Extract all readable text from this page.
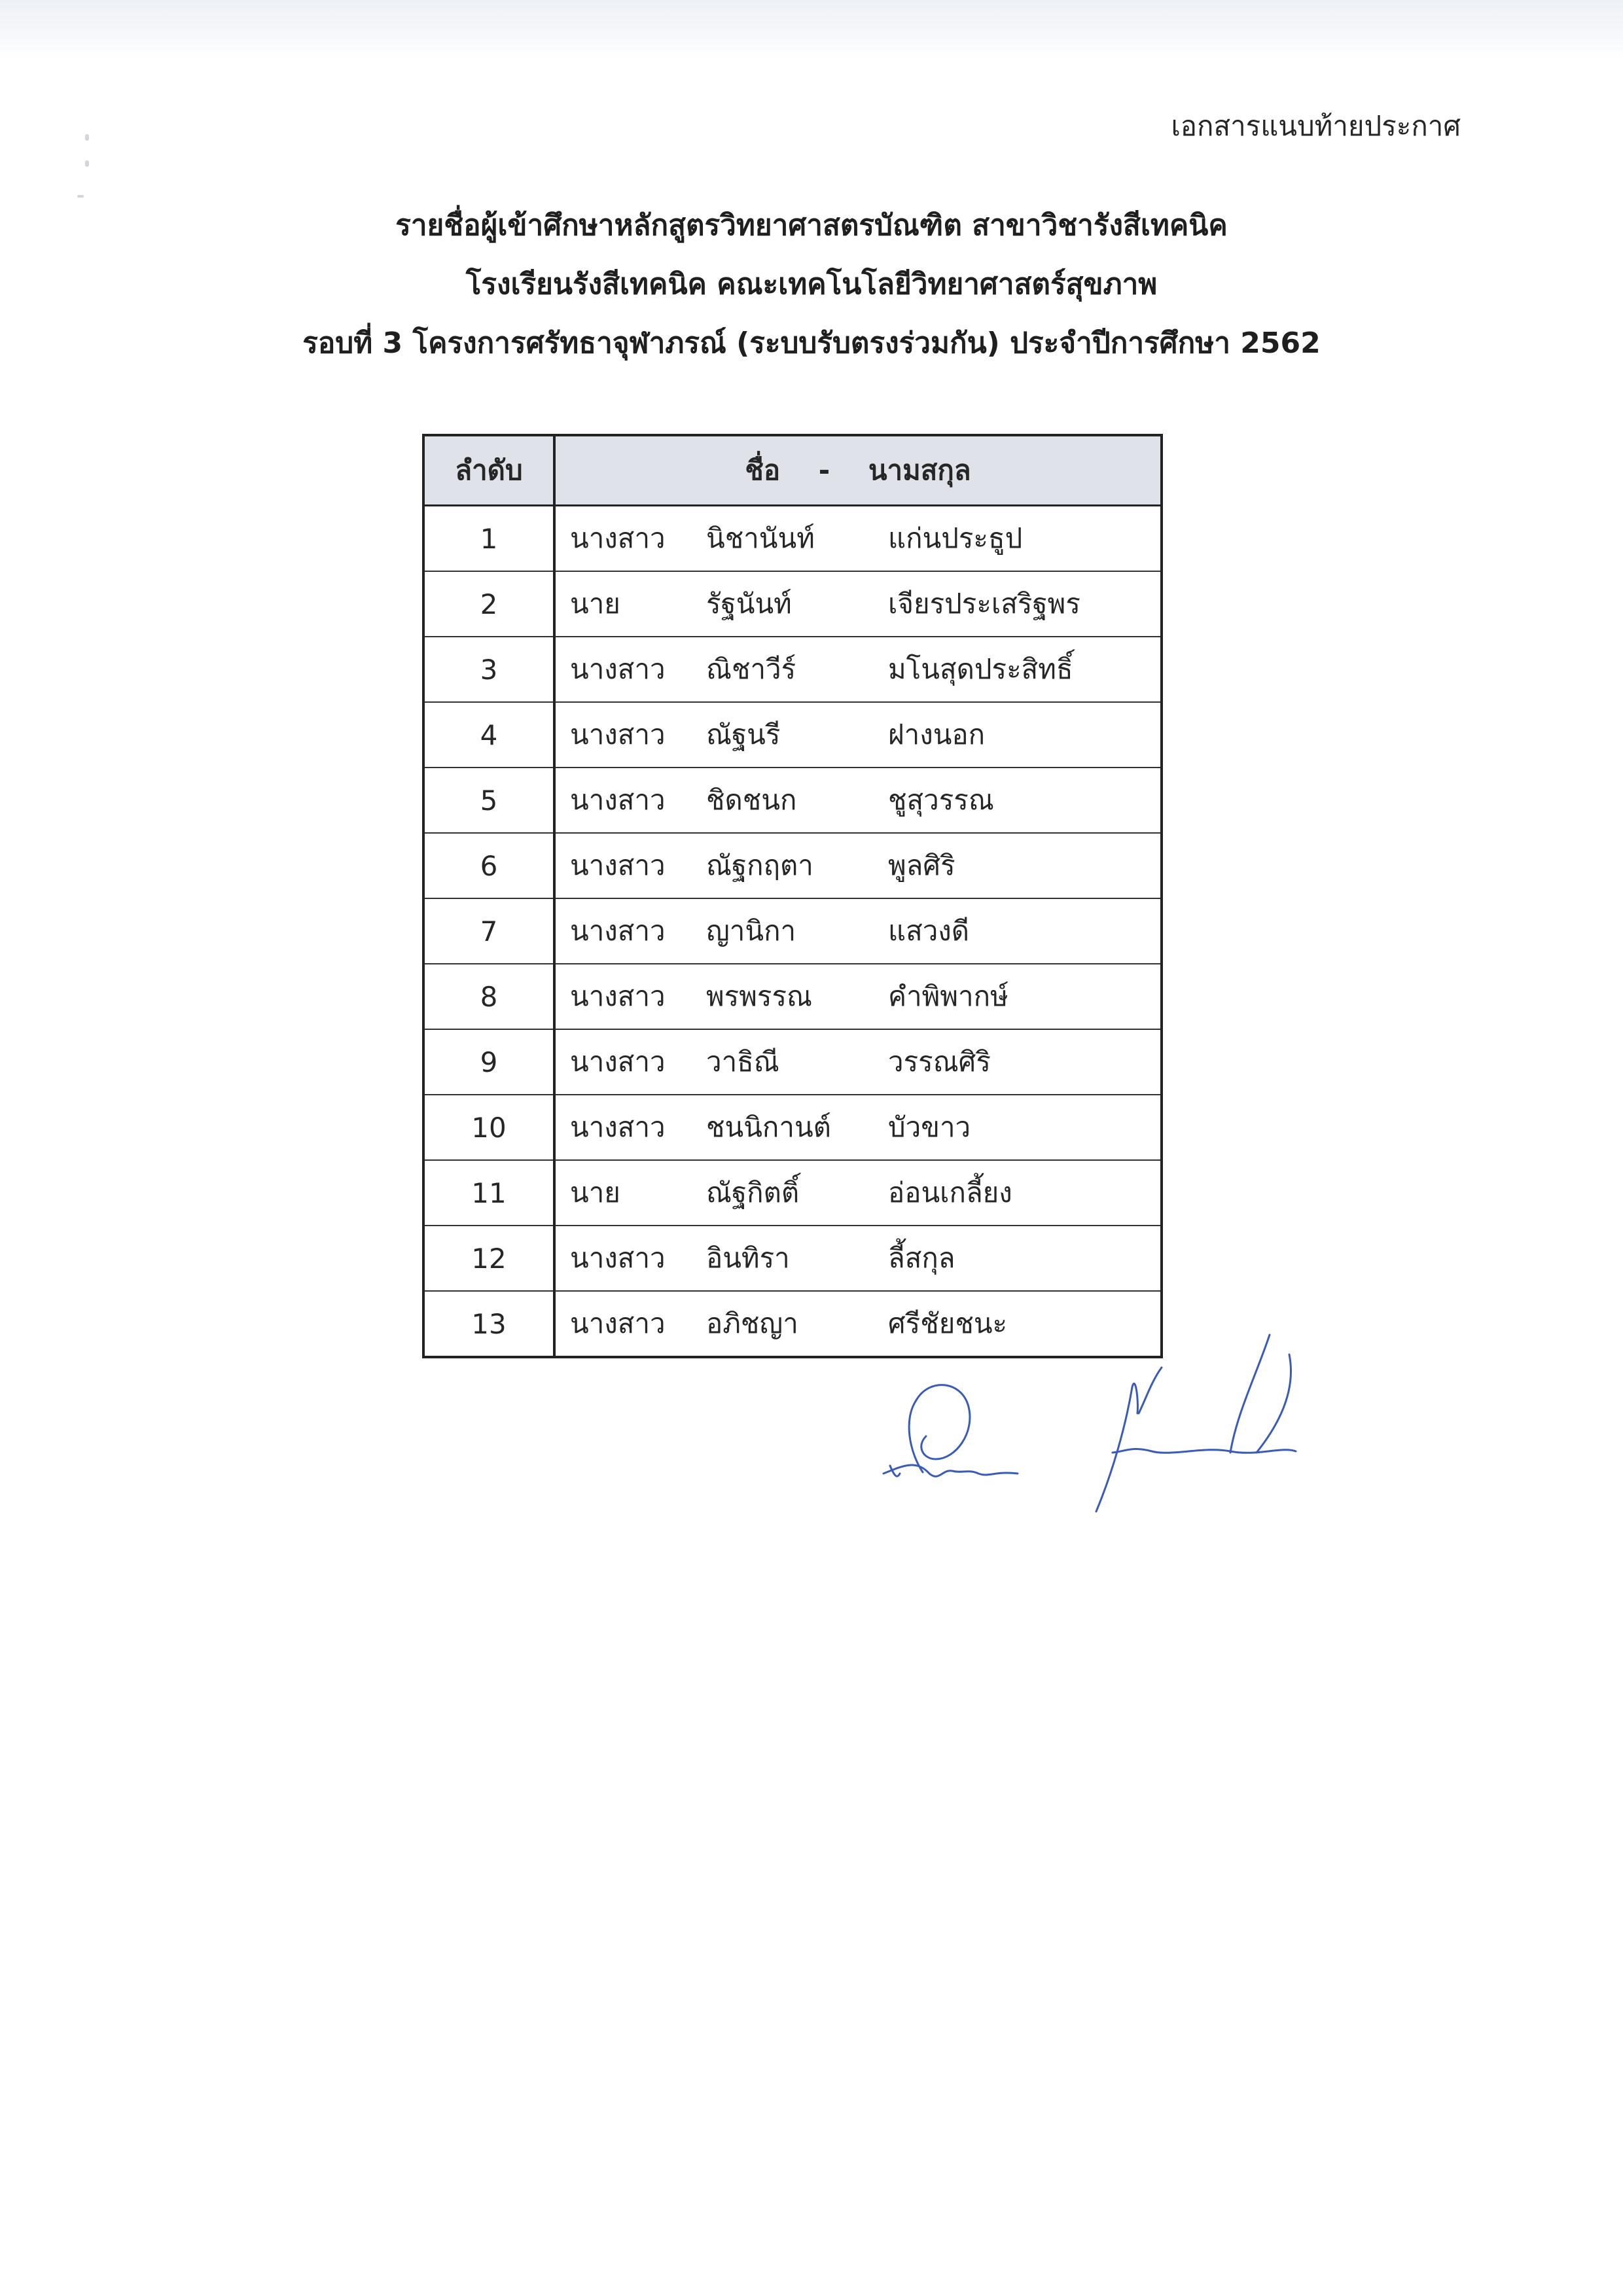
เอกสารแนบท้ายประกาศ
รายชื่อผู้เข้าศึกษาหลักสูตรวิทยาศาสตรบัณฑิต สาขาวิชารังสีเทคนิค
โรงเรียนรังสีเทคนิค คณะเทคโนโลยีวิทยาศาสตร์สุขภาพ
รอบที่ 3 โครงการศรัทธาจุฬาภรณ์ (ระบบรับตรงร่วมกัน) ประจำปีการศึกษา 2562
ลำดับ	ชื่อ - นามสกุล
1	นางสาว นิชานันท์ แก่นประธูป

2	นาย รัฐนันท์ เจียรประเสริฐพร

3	นางสาว ณิชาวีร์ มโนสุดประสิทธิ์

4	นางสาว ณัฐนรี ฝางนอก

5	นางสาว ชิดชนก ชูสุวรรณ

6	นางสาว ณัฐกฤตา พูลศิริ

7	นางสาว ญานิกา แสวงดี

8	นางสาว พรพรรณ คำพิพากษ์

9	นางสาว วาธิณี วรรณศิริ

10	นางสาว ชนนิกานต์ บัวขาว

11	นาย ณัฐกิตติ์ อ่อนเกลี้ยง

12	นางสาว อินทิรา ลี้สกุล

13	นางสาว อภิชญา ศรีชัยชนะ
